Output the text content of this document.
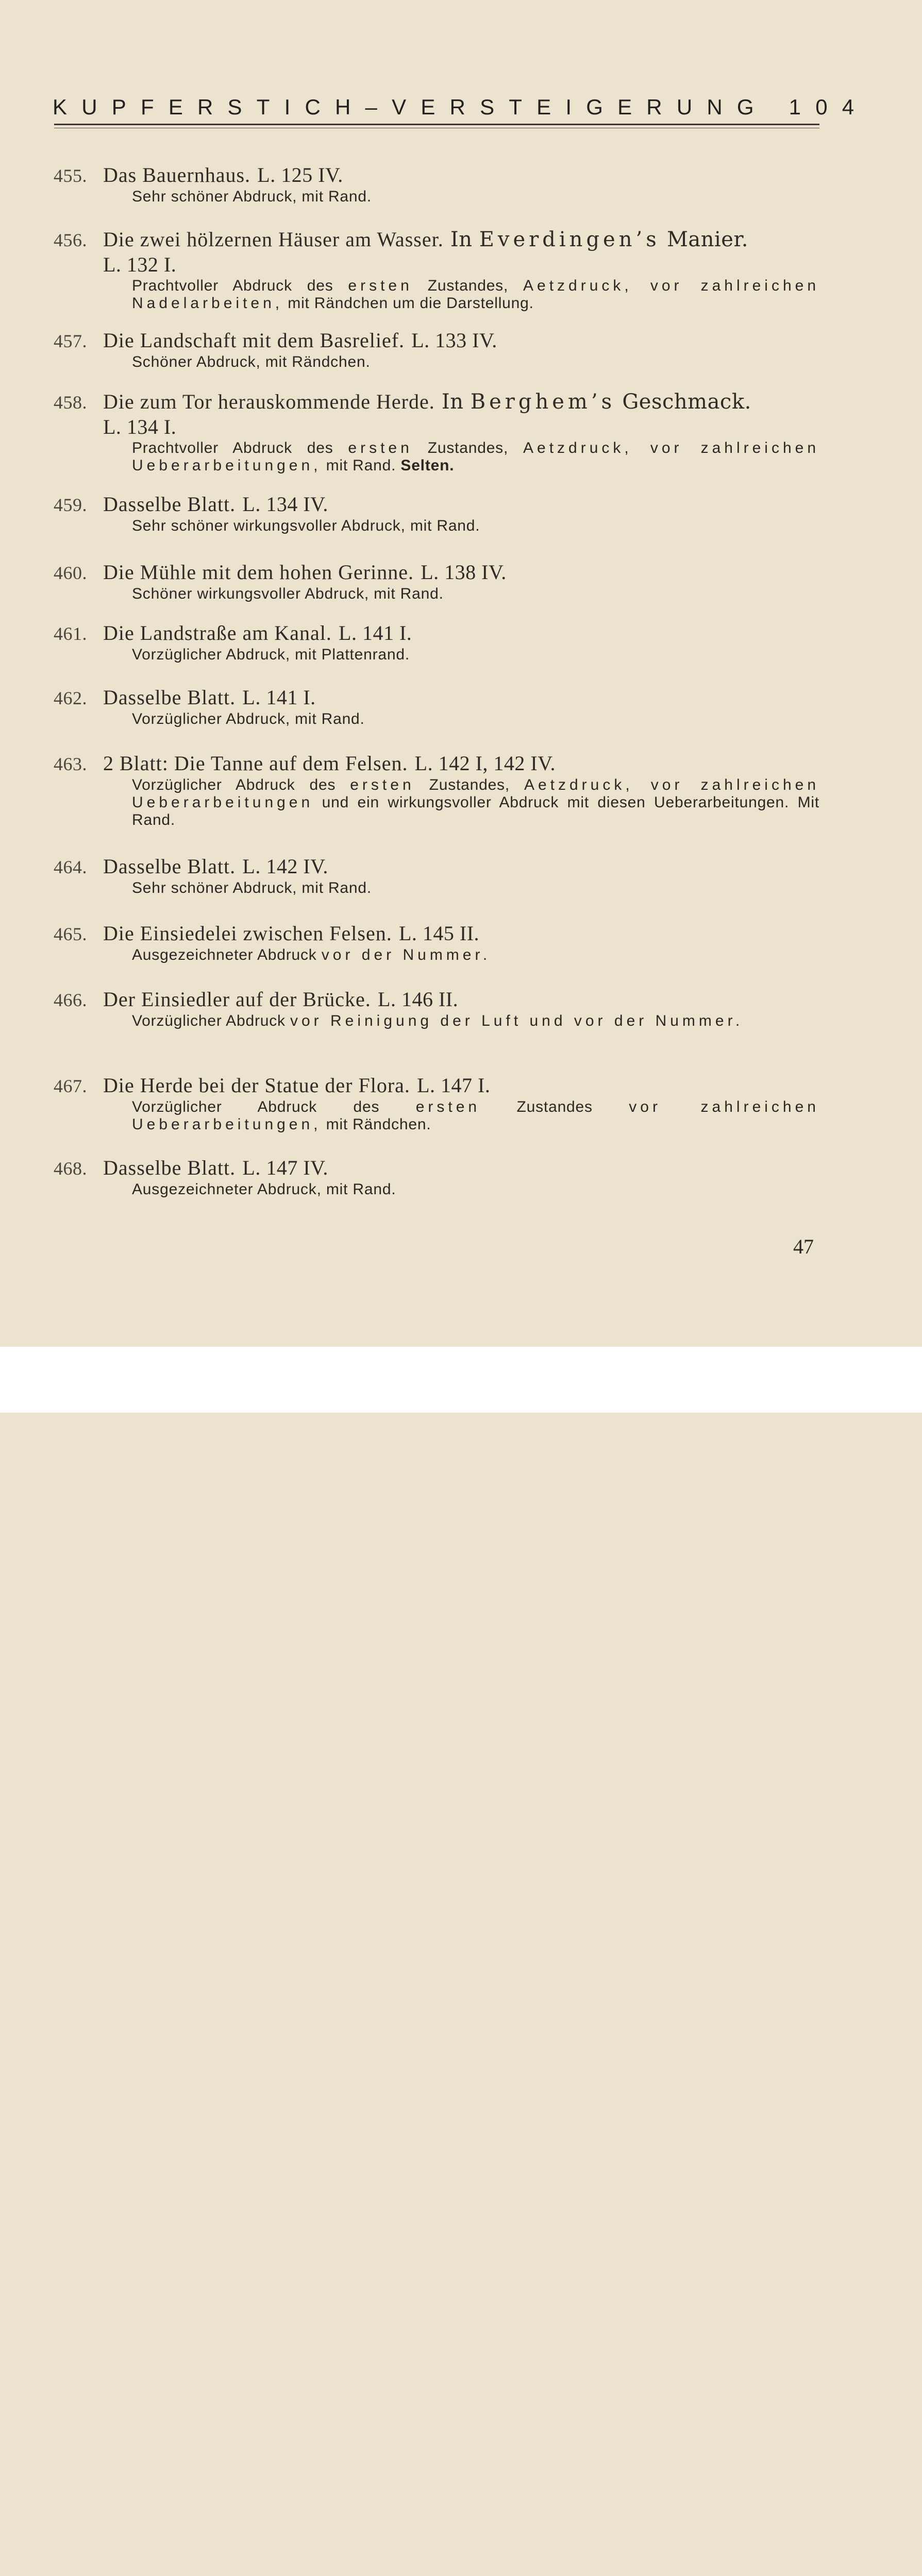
KUPFERSTICH–VERSTEIGERUNG 104
455. Das Bauernhaus. L. 125 IV.
Sehr schöner Abdruck, mit Rand.
456. Die zwei hölzernen Häuser am Wasser. In Everdingen’s Manier.
L. 132 I.
Prachtvoller Abdruck des ersten Zustandes, Aetzdruck, vor zahlreichen Nadelarbeiten, mit Rändchen um die Darstellung.
457. Die Landschaft mit dem Basrelief. L. 133 IV.
Schöner Abdruck, mit Rändchen.
458. Die zum Tor herauskommende Herde. In Berghem’s Geschmack.
L. 134 I.
Prachtvoller Abdruck des ersten Zustandes, Aetzdruck, vor zahlreichen Ueberarbeitungen, mit Rand. Selten.
459. Dasselbe Blatt. L. 134 IV.
Sehr schöner wirkungsvoller Abdruck, mit Rand.
460. Die Mühle mit dem hohen Gerinne. L. 138 IV.
Schöner wirkungsvoller Abdruck, mit Rand.
461. Die Landstraße am Kanal. L. 141 I.
Vorzüglicher Abdruck, mit Plattenrand.
462. Dasselbe Blatt. L. 141 I.
Vorzüglicher Abdruck, mit Rand.
463. 2 Blatt: Die Tanne auf dem Felsen. L. 142 I, 142 IV.
Vorzüglicher Abdruck des ersten Zustandes, Aetzdruck, vor zahlreichen Ueberarbeitungen und ein wirkungsvoller Abdruck mit diesen Ueberarbeitungen. Mit Rand.
464. Dasselbe Blatt. L. 142 IV.
Sehr schöner Abdruck, mit Rand.
465. Die Einsiedelei zwischen Felsen. L. 145 II.
Ausgezeichneter Abdruck vor der Nummer.
466. Der Einsiedler auf der Brücke. L. 146 II.
Vorzüglicher Abdruck vor Reinigung der Luft und vor der Nummer.
467. Die Herde bei der Statue der Flora. L. 147 I.
Vorzüglicher Abdruck des ersten Zustandes vor zahlreichen Ueberarbeitungen, mit Rändchen.
468. Dasselbe Blatt. L. 147 IV.
Ausgezeichneter Abdruck, mit Rand.
47
